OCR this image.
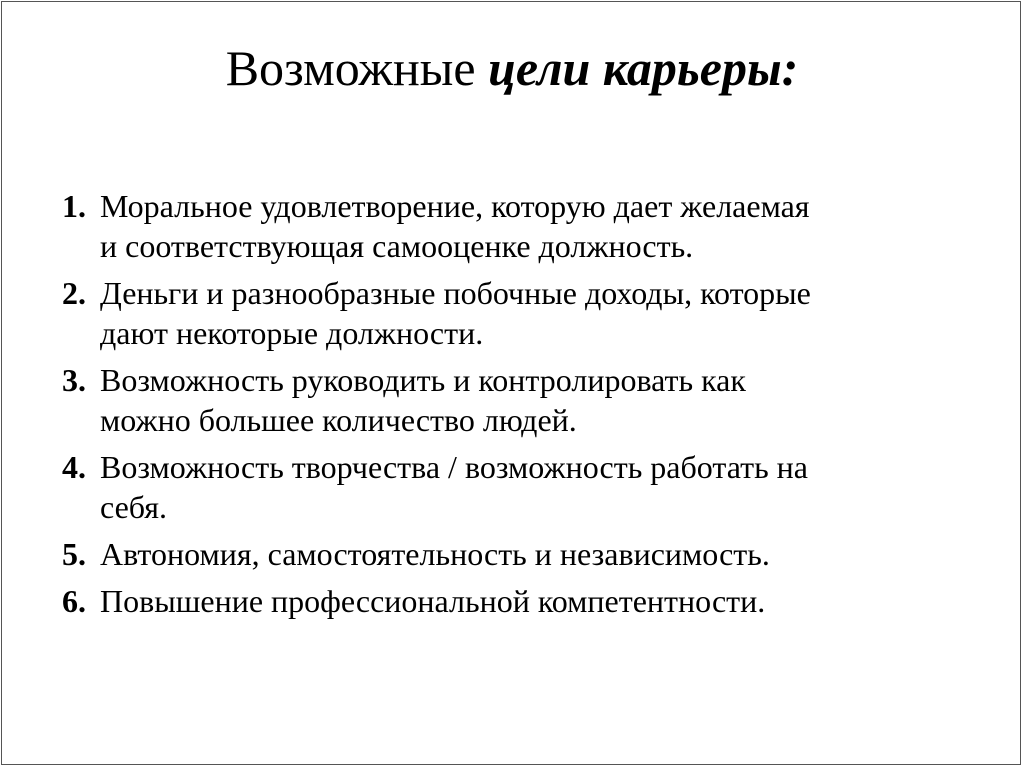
Возможные цели карьеры:
1. Моральное удовлетворение, которую дает желаемая
и соответствующая самооценке должность.
2. Деньги и разнообразные побочные доходы, которые
дают некоторые должности.
3. Возможность руководить и контролировать как
можно большее количество людей.
4. Возможность творчества / возможность работать на
себя.
5. Автономия, самостоятельность и независимость.
6. Повышение профессиональной компетентности.
